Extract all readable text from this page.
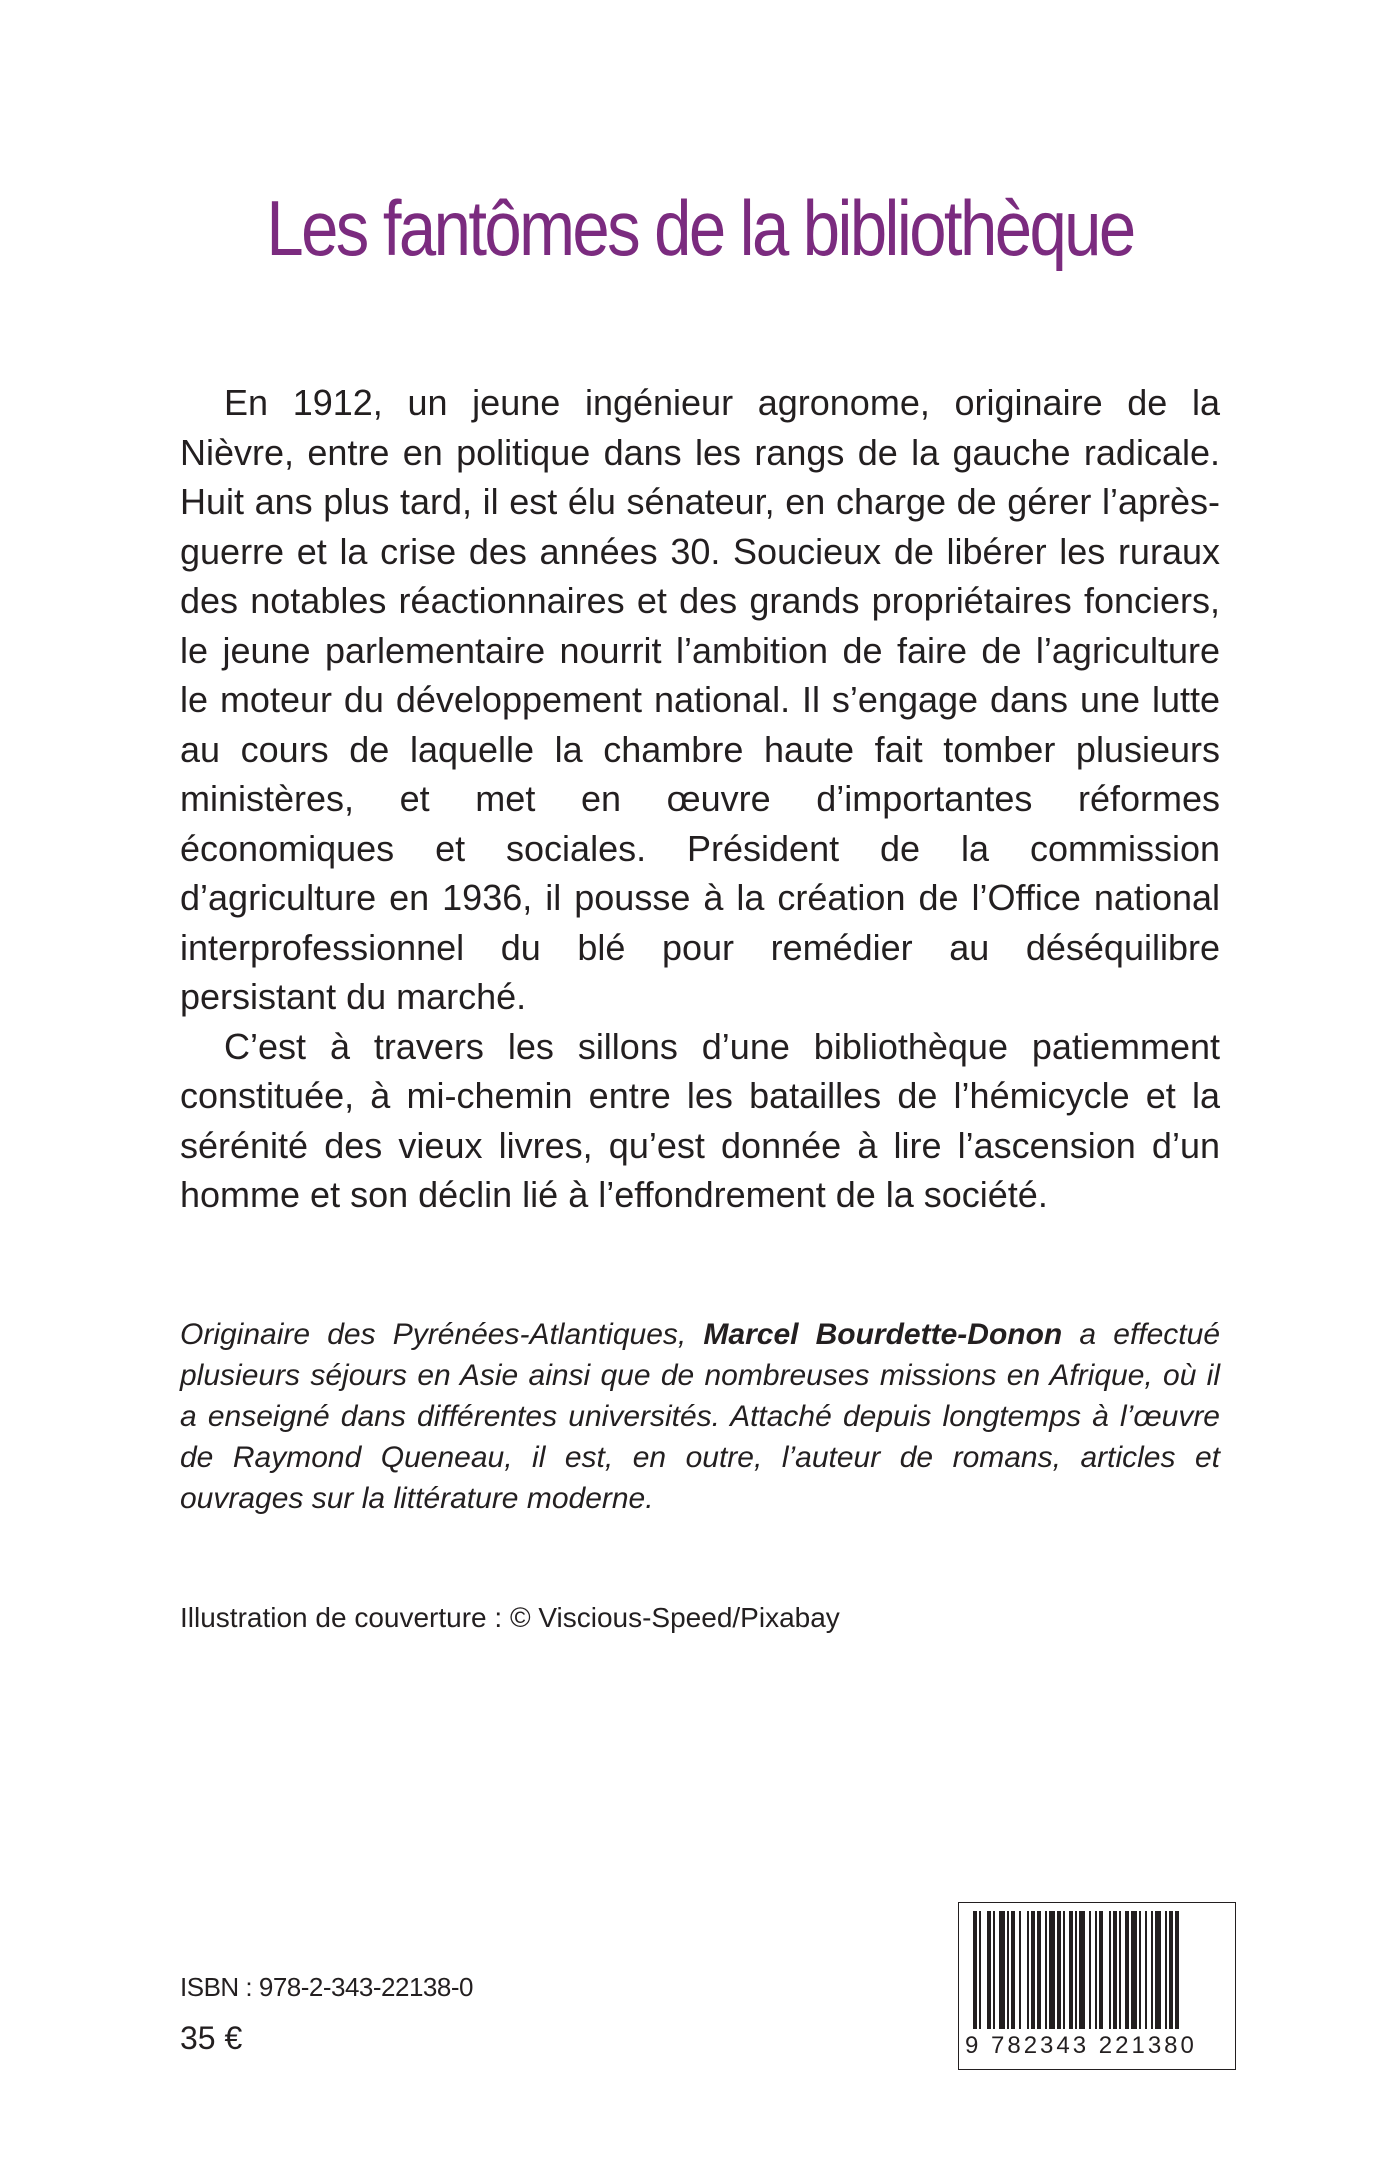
Les fantômes de la bibliothèque

En 1912, un jeune ingénieur agronome, originaire de la Nièvre, entre en politique dans les rangs de la gauche radicale. Huit ans plus tard, il est élu sénateur, en charge de gérer l’après-guerre et la crise des années 30. Soucieux de libérer les ruraux des notables réactionnaires et des grands propriétaires fonciers, le jeune parlementaire nourrit l’ambition de faire de l’agriculture le moteur du développement national. Il s’engage dans une lutte au cours de laquelle la chambre haute fait tomber plusieurs ministères, et met en œuvre d’importantes réformes économiques et sociales. Président de la commission d’agriculture en 1936, il pousse à la création de l’Office national interprofessionnel du blé pour remédier au déséquilibre persistant du marché.

C’est à travers les sillons d’une bibliothèque patiemment constituée, à mi-chemin entre les batailles de l’hémicycle et la sérénité des vieux livres, qu’est donnée à lire l’ascension d’un homme et son déclin lié à l’effondrement de la société.

Originaire des Pyrénées-Atlantiques, Marcel Bourdette-Donon a effectué plusieurs séjours en Asie ainsi que de nombreuses missions en Afrique, où il a enseigné dans différentes universités. Attaché depuis longtemps à l’œuvre de Raymond Queneau, il est, en outre, l’auteur de romans, articles et ouvrages sur la littérature moderne.
Illustration de couverture : © Viscious-Speed/Pixabay
ISBN : 978-2-343-22138-0
35 €	9 782343 221380
